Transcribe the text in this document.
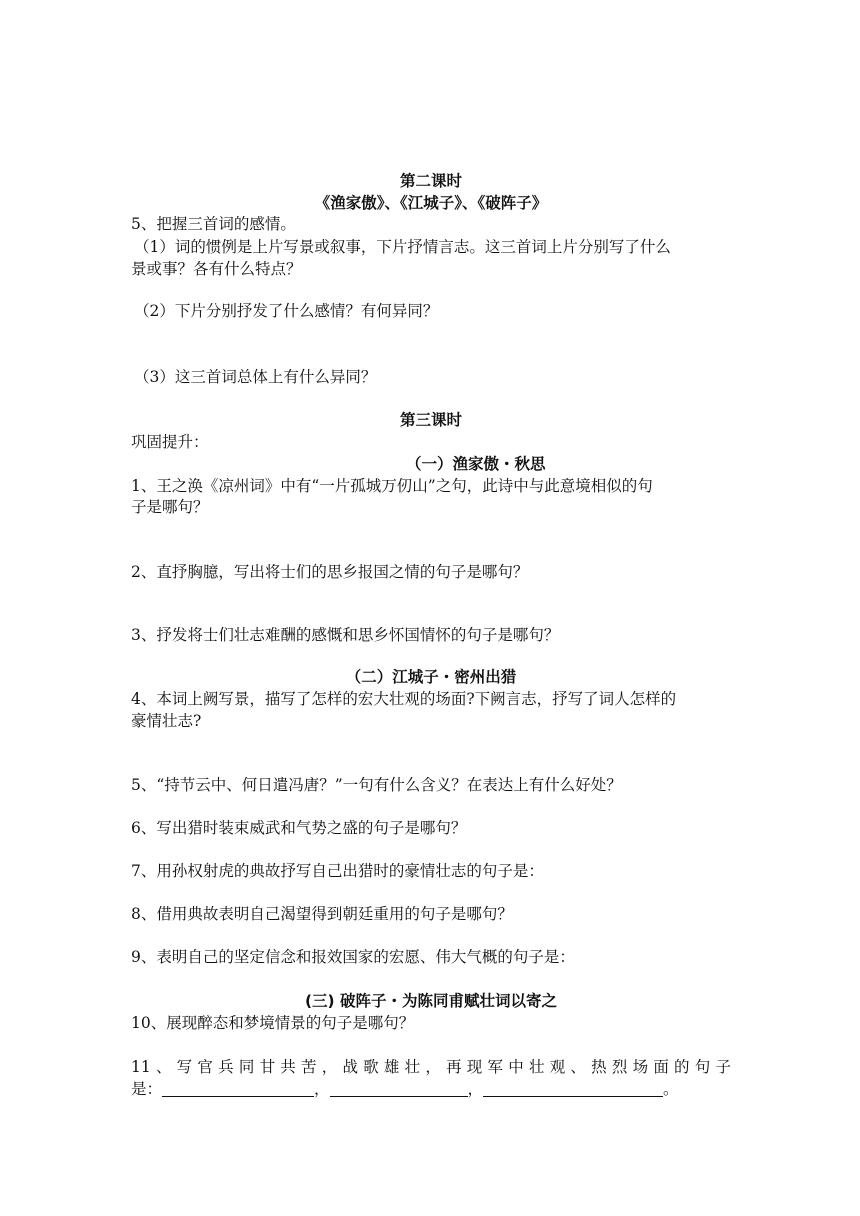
第二课时
《渔家傲》、《江城子》、《破阵子》
5、把握三首词的感情。
（1）词的惯例是上片写景或叙事，下片抒情言志。这三首词上片分别写了什么
景或事？各有什么特点？
（2）下片分别抒发了什么感情？有何异同？
（3）这三首词总体上有什么异同？
第三课时
巩固提升：
（一）渔家傲・秋思
1、王之涣《凉州词》中有“一片孤城万仞山”之句，此诗中与此意境相似的句
子是哪句？
2、直抒胸臆，写出将士们的思乡报国之情的句子是哪句？
3、抒发将士们壮志难酬的感慨和思乡怀国情怀的句子是哪句？
（二）江城子・密州出猎
4、本词上阙写景，描写了怎样的宏大壮观的场面?下阙言志，抒写了词人怎样的
豪情壮志?
5、“持节云中、何日遣冯唐？”一句有什么含义？在表达上有什么好处？
6、写出猎时装束威武和气势之盛的句子是哪句？
7、用孙权射虎的典故抒写自己出猎时的豪情壮志的句子是：
8、借用典故表明自己渴望得到朝廷重用的句子是哪句？
9、表明自己的坚定信念和报效国家的宏愿、伟大气概的句子是：
(三) 破阵子・为陈同甫赋壮词以寄之
10、展现醉态和梦境情景的句子是哪句？
11、写官兵同甘共苦，战歌雄壮，再现军中壮观、热烈场面的句子
是：	，	，	。
